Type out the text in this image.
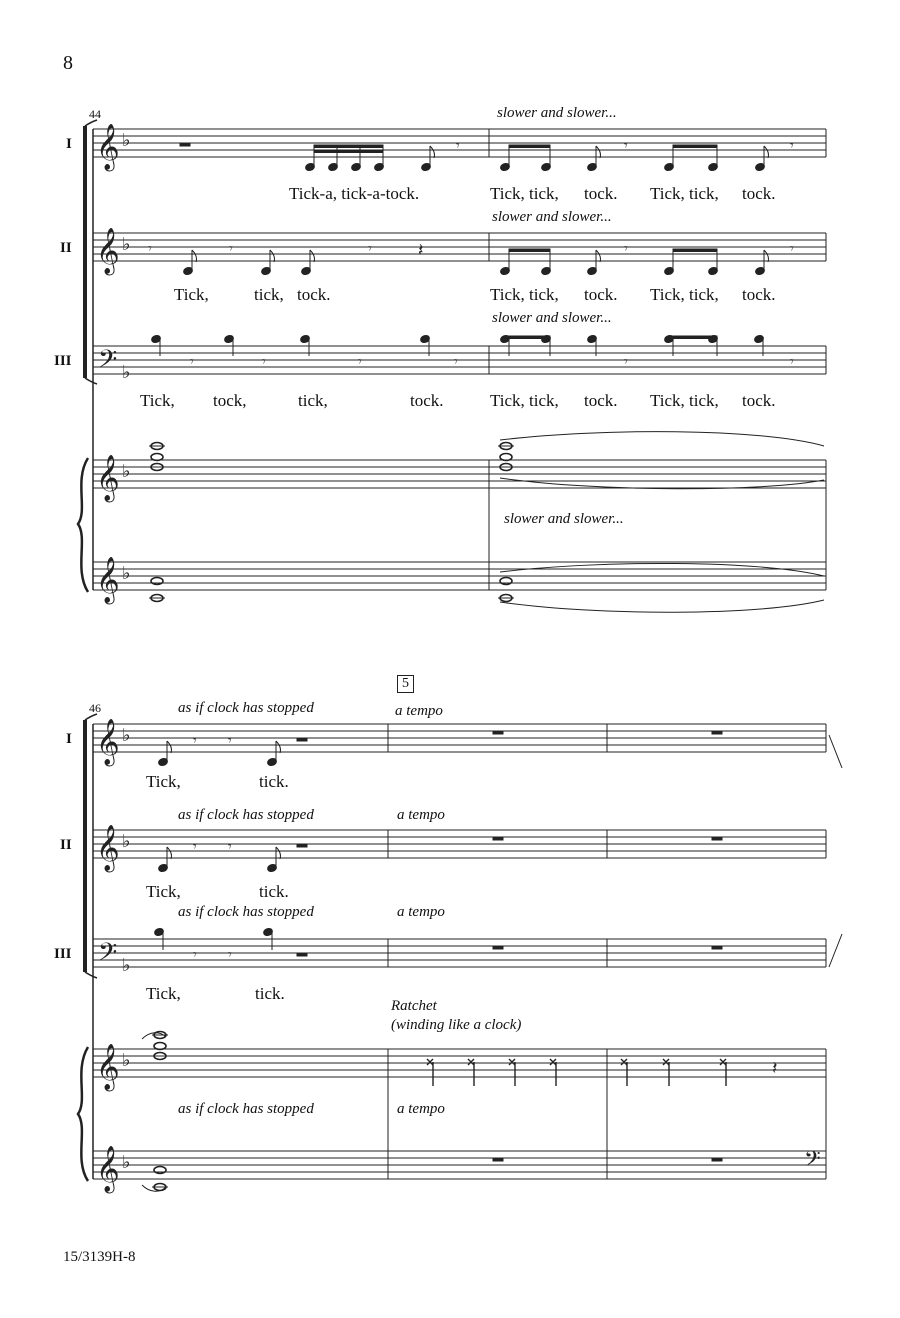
𝄞
𝄞
𝄢
𝄞
𝄞
𝄞
𝄞
𝄢
𝄞
𝄞	𝄢
♭
♭
♭
♭
♭
♭
♭
♭
♭
♭
𝄾	𝄾	𝄾
𝄾	𝄾	𝄾	𝄽	𝄾	𝄾
𝄾	𝄾	𝄾	𝄾	𝄾	𝄾
𝄾 𝄾
𝄾 𝄾
𝄾 𝄾
𝄽
8
44
I
II
III
slower and slower...
slower and slower...
slower and slower...
slower and slower...
Tick-a, tick-a-tock.	Tick, tick, tock. Tick, tick, tock.
Tick,	tick, tock.	Tick, tick, tock. Tick, tick, tock.
Tick, tock,	tick,	tock.	Tick, tick, tock. Tick, tick, tock.
5
46
I
II
III
as if clock has stopped	a tempo
as if clock has stopped	a tempo
as if clock has stopped	a tempo
Ratchet
(winding like a clock)
as if clock has stopped	a tempo
Tick,	tick.
Tick,	tick.
Tick,	tick.
15/3139H-8
